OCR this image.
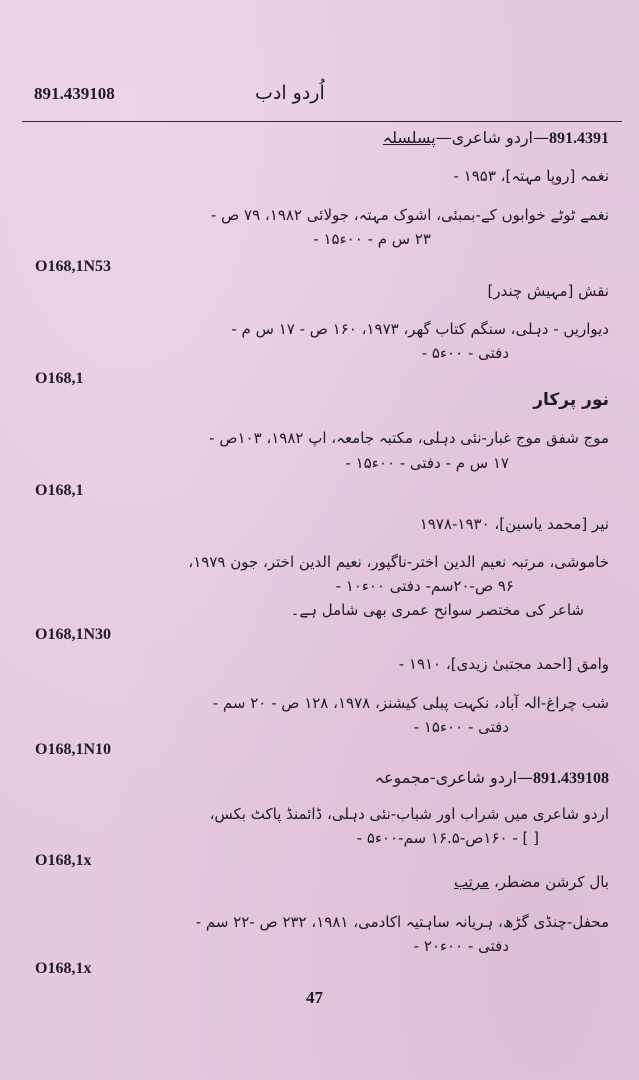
891.439108	اُردو ادب
891.4391—اردو شاعری—پسلسلہ
نغمہ [روپا مہتہ]، ۱۹۵۳ -
نغمے ٹوٹے خوابوں کے-بمبئی، اشوک مہتہ، جولائی ۱۹۸۲، ۷۹ ص -
۲۳ س م - ۰۰ء۱۵ -
O168,1N53
نقش [مہیش چندر]
دیواریں - دہلی، سنگم کتاب گھر، ۱۹۷۳، ۱۶۰ ص - ۱۷ س م -
دفتی - ۰۰ء۵ -
O168,1
نور پرکار
موج شفق موج غبار-نئی دہلی، مکتبہ جامعہ، اپ ۱۹۸۲، ۱۰۳ص -
۱۷ س م - دفتی - ۰۰ء۱۵ -
O168,1
نیر [محمد یاسین]، ۱۹۳۰-۱۹۷۸
خاموشی، مرتبہ نعیم الدین اختر-ناگپور، نعیم الدین اختر، جون ۱۹۷۹،
۹۶ ص-۲۰سم- دفتی ۰۰ء۱۰ -
شاعر کی مختصر سوانح عمری بھی شامل ہے۔
O168,1N30
وامق [احمد مجتبیٰ زیدی]، ۱۹۱۰ -
شب چراغ-الہ آباد، نکہت پبلی کیشنز، ۱۹۷۸، ۱۲۸ ص - ۲۰ سم -
دفتی - ۰۰ء۱۵ -
O168,1N10
891.439108—اردو شاعری-مجموعہ
اردو شاعری میں شراب اور شباب-نئی دہلی، ڈائمنڈ پاکٹ بکس،
[ ] - ۱۶۰ص-۱۶.۵ سم-۰۰ء۵ -
O168,1x
بال کرشن مضطر، مرتب
محفل-چنڈی گڑھ، ہریانہ ساہتیہ اکادمی، ۱۹۸۱، ۲۳۲ ص -۲۲ سم -
دفتی - ۰۰ء۲۰ -
O168,1x
47
